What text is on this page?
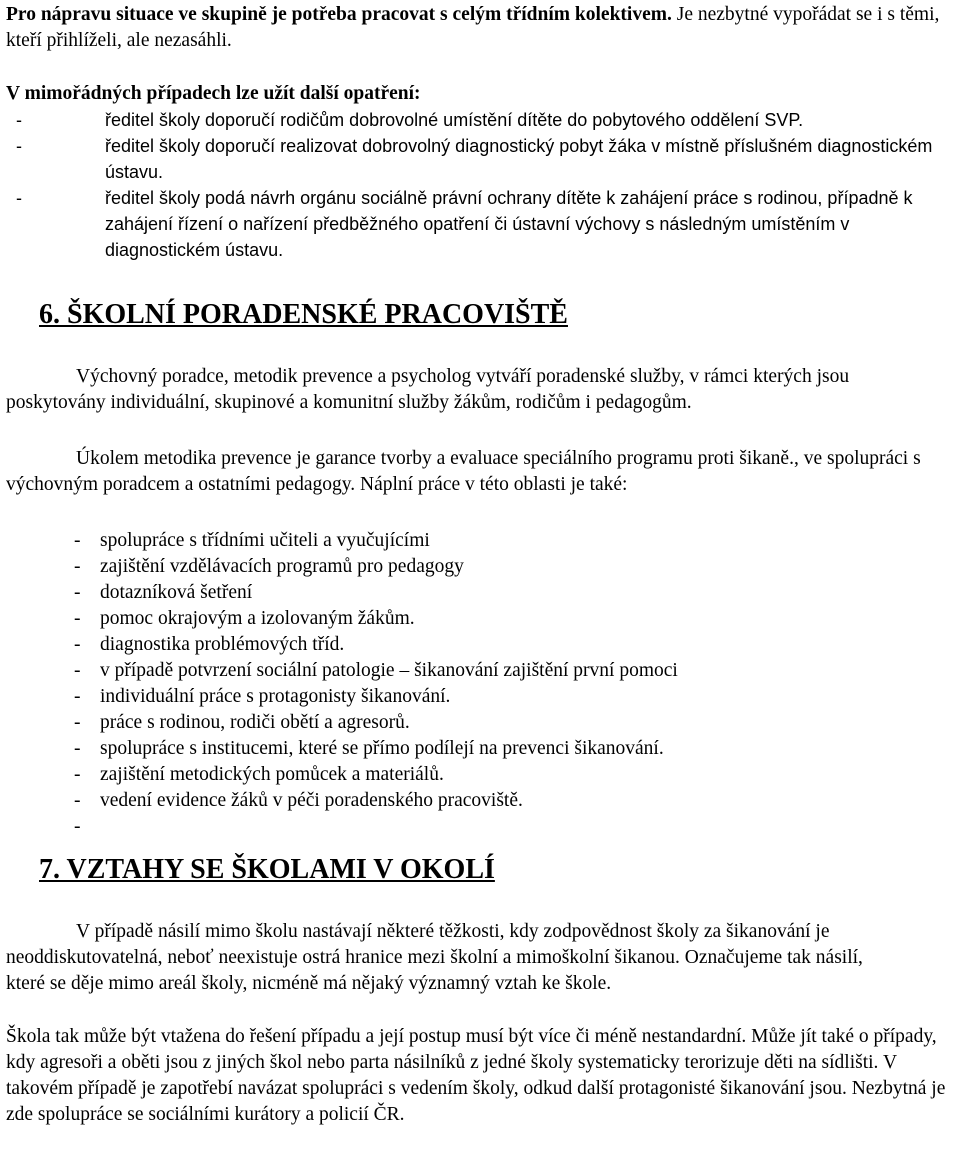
Pro nápravu situace ve skupině je potřeba pracovat s celým třídním kolektivem. Je nezbytné vypořádat se i s těmi, kteří přihlíželi, ale nezasáhli.

V mimořádných případech lze užít další opatření:

-	ředitel školy doporučí rodičům dobrovolné umístění dítěte do pobytového oddělení SVP.
-	ředitel školy doporučí realizovat dobrovolný diagnostický pobyt žáka v místně příslušném diagnostickém ústavu.
-	ředitel školy podá návrh orgánu sociálně právní ochrany dítěte k zahájení práce s rodinou, případně k zahájení řízení o nařízení předběžného opatření či ústavní výchovy s následným umístěním v diagnostickém ústavu.
6. ŠKOLNÍ PORADENSKÉ PRACOVIŠTĚ

Výchovný poradce, metodik prevence a psycholog vytváří poradenské služby, v rámci kterých jsou poskytovány individuální, skupinové a komunitní služby žákům, rodičům i pedagogům.

Úkolem metodika prevence je garance tvorby a evaluace speciálního programu proti šikaně., ve spolupráci s výchovným poradcem a ostatními pedagogy. Náplní práce v této oblasti je také:

- spolupráce s třídními učiteli a vyučujícími
- zajištění vzdělávacích programů pro pedagogy
- dotazníková šetření
- pomoc okrajovým a izolovaným žákům.
- diagnostika problémových tříd.
- v případě potvrzení sociální patologie – šikanování zajištění první pomoci
- individuální práce s protagonisty šikanování.
- práce s rodinou, rodiči obětí a agresorů.
- spolupráce s institucemi, které se přímo podílejí na prevenci šikanování.
- zajištění metodických pomůcek a materiálů.
- vedení evidence žáků v péči poradenského pracoviště.
-

7. VZTAHY SE ŠKOLAMI V OKOLÍ

V případě násilí mimo školu nastávají některé těžkosti, kdy zodpovědnost školy za šikanování je neoddiskutovatelná, neboť neexistuje ostrá hranice mezi školní a mimoškolní šikanou. Označujeme tak násilí, které se děje mimo areál školy, nicméně má nějaký významný vztah ke škole.

Škola tak může být vtažena do řešení případu a její postup musí být více či méně nestandardní. Může jít také o případy, kdy agresoři a oběti jsou z jiných škol nebo parta násilníků z jedné školy systematicky terorizuje děti na sídlišti. V takovém případě je zapotřebí navázat spolupráci s vedením školy, odkud další protagonisté šikanování jsou. Nezbytná je zde spolupráce se sociálními kurátory a policií ČR.
